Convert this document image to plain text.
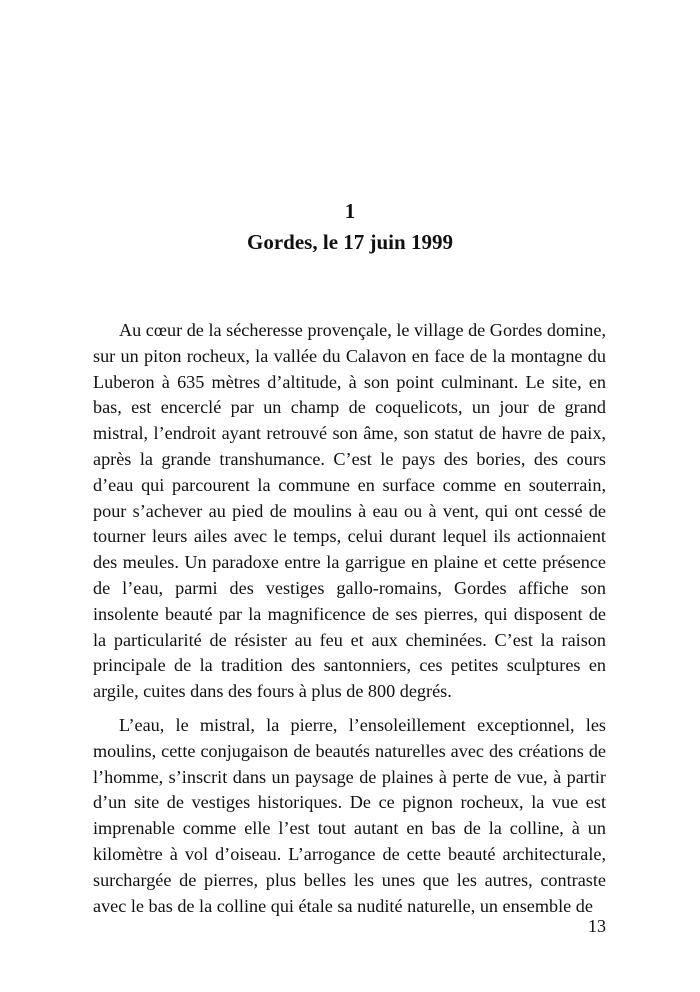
1
Gordes, le 17 juin 1999

Au cœur de la sécheresse provençale, le village de Gordes domine, sur un piton rocheux, la vallée du Calavon en face de la montagne du Luberon à 635 mètres d’altitude, à son point culminant. Le site, en bas, est encerclé par un champ de coquelicots, un jour de grand mistral, l’endroit ayant retrouvé son âme, son statut de havre de paix, après la grande transhumance. C’est le pays des bories, des cours d’eau qui parcourent la commune en surface comme en souterrain, pour s’achever au pied de moulins à eau ou à vent, qui ont cessé de tourner leurs ailes avec le temps, celui durant lequel ils actionnaient des meules. Un paradoxe entre la garrigue en plaine et cette présence de l’eau, parmi des vestiges gallo-romains, Gordes affiche son insolente beauté par la magnificence de ses pierres, qui disposent de la particularité de résister au feu et aux cheminées. C’est la raison principale de la tradition des santonniers, ces petites sculptures en argile, cuites dans des fours à plus de 800 degrés.

L’eau, le mistral, la pierre, l’ensoleillement exceptionnel, les moulins, cette conjugaison de beautés naturelles avec des créations de l’homme, s’inscrit dans un paysage de plaines à perte de vue, à partir d’un site de vestiges historiques. De ce pignon rocheux, la vue est imprenable comme elle l’est tout autant en bas de la colline, à un kilomètre à vol d’oiseau. L’arrogance de cette beauté architecturale, surchargée de pierres, plus belles les unes que les autres, contraste avec le bas de la colline qui étale sa nudité naturelle, un ensemble de

13
